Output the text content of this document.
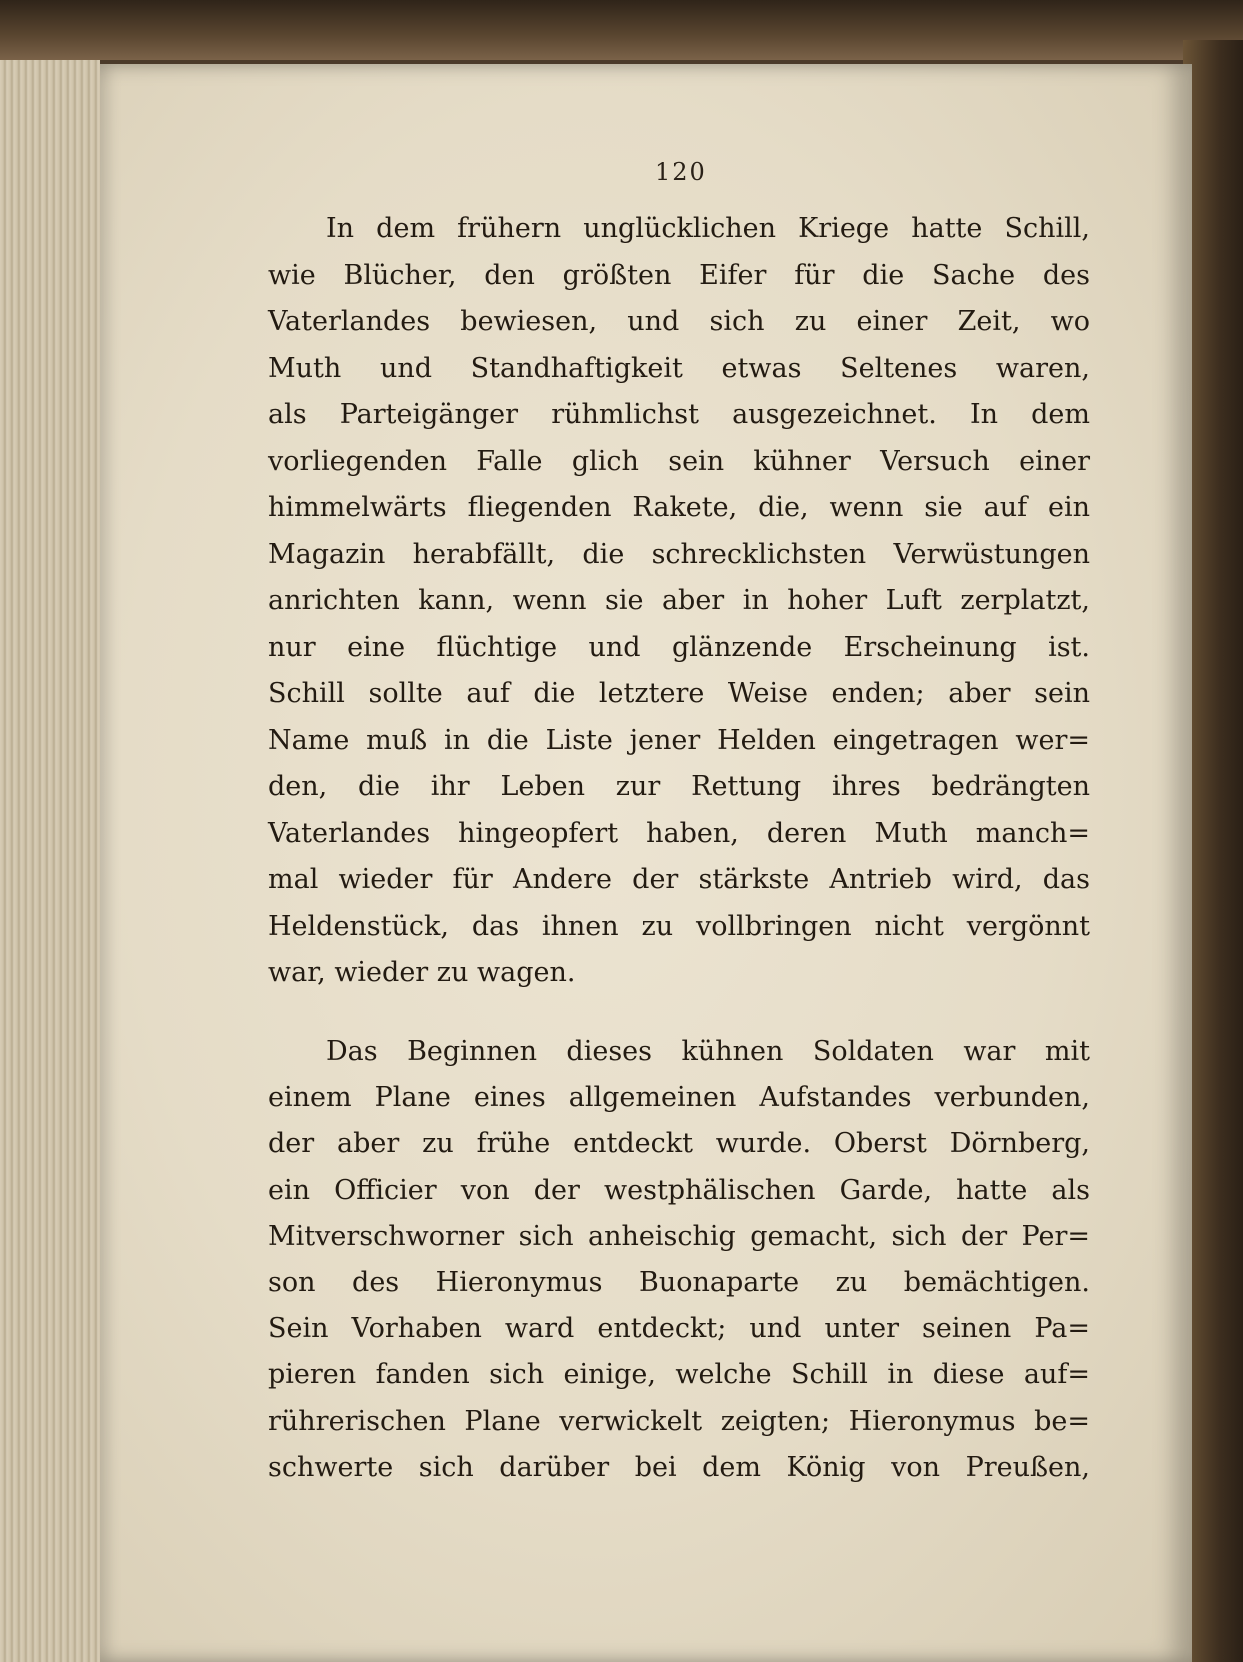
120
In dem frühern unglücklichen Kriege hatte Schill,
wie Blücher, den größten Eifer für die Sache des
Vaterlandes bewiesen, und sich zu einer Zeit, wo
Muth und Standhaftigkeit etwas Seltenes waren,
als Parteigänger rühmlichst ausgezeichnet. In dem
vorliegenden Falle glich sein kühner Versuch einer
himmelwärts fliegenden Rakete, die, wenn sie auf ein
Magazin herabfällt, die schrecklichsten Verwüstungen
anrichten kann, wenn sie aber in hoher Luft zerplatzt,
nur eine flüchtige und glänzende Erscheinung ist.
Schill sollte auf die letztere Weise enden; aber sein
Name muß in die Liste jener Helden eingetragen wer=
den, die ihr Leben zur Rettung ihres bedrängten
Vaterlandes hingeopfert haben, deren Muth manch=
mal wieder für Andere der stärkste Antrieb wird, das
Heldenstück, das ihnen zu vollbringen nicht vergönnt
war, wieder zu wagen.
Das Beginnen dieses kühnen Soldaten war mit
einem Plane eines allgemeinen Aufstandes verbunden,
der aber zu frühe entdeckt wurde. Oberst Dörnberg,
ein Officier von der westphälischen Garde, hatte als
Mitverschworner sich anheischig gemacht, sich der Per=
son des Hieronymus Buonaparte zu bemächtigen.
Sein Vorhaben ward entdeckt; und unter seinen Pa=
pieren fanden sich einige, welche Schill in diese auf=
rührerischen Plane verwickelt zeigten; Hieronymus be=
schwerte sich darüber bei dem König von Preußen,
